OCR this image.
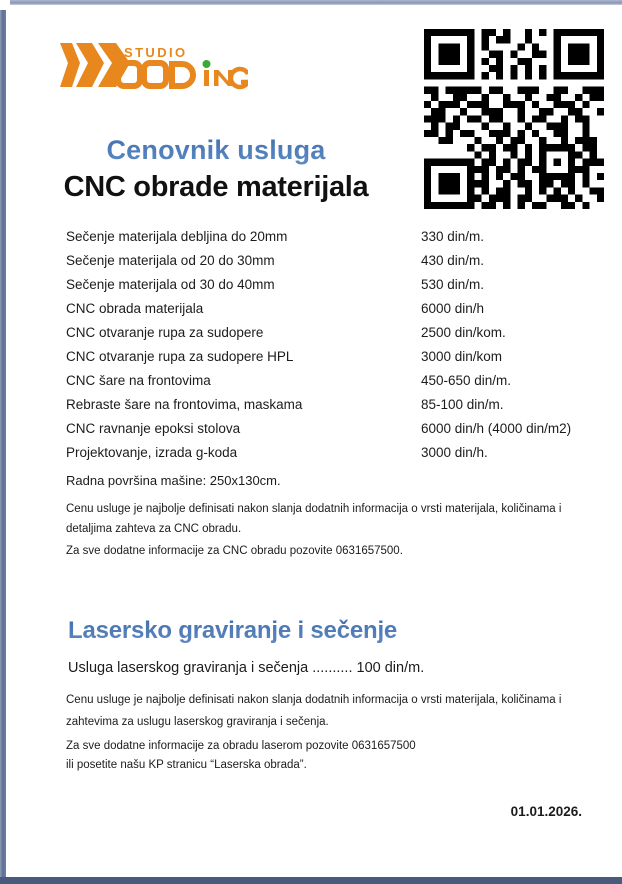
STUDIO
Cenovnik usluga
CNC obrade materijala
Sečenje materijala debljina do 20mm	330 din/m.
Sečenje materijala od 20 do 30mm	430 din/m.
Sečenje materijala od 30 do 40mm	530 din/m.
CNC obrada materijala	6000 din/h
CNC otvaranje rupa za sudopere	2500 din/kom.
CNC otvaranje rupa za sudopere HPL	3000 din/kom
CNC šare na frontovima	450-650 din/m.
Rebraste šare na frontovima, maskama	85-100 din/m.
CNC ravnanje epoksi stolova	6000 din/h (4000 din/m2)
Projektovanje, izrada g-koda	3000 din/h.
Radna površina mašine: 250x130cm.
Cenu usluge je najbolje definisati nakon slanja dodatnih informacija o vrsti materijala, količinama i detaljima zahteva za CNC obradu.
Za sve dodatne informacije za CNC obradu pozovite 0631657500.
Lasersko graviranje i sečenje
Usluga laserskog graviranja i sečenja .......... 100 din/m.
Cenu usluge je najbolje definisati nakon slanja dodatnih informacija o vrsti materijala, količinama i zahtevima za uslugu laserskog graviranja i sečenja.
Za sve dodatne informacije za obradu laserom pozovite 0631657500
ili posetite našu KP stranicu “Laserska obrada”.
01.01.2026.
